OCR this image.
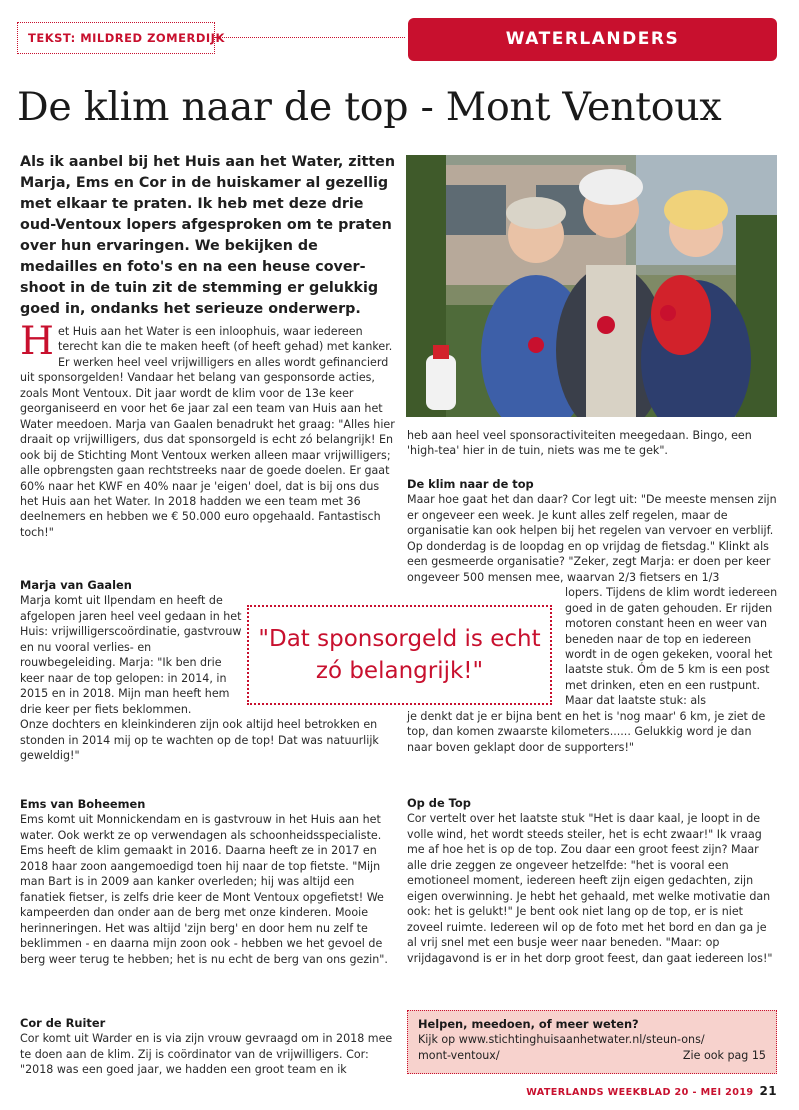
TEKST: MILDRED ZOMERDIJK	WATERLANDERS
De klim naar de top - Mont Ventoux
Als ik aanbel bij het Huis aan het Water, zitten Marja, Ems en Cor in de huiskamer al gezellig met elkaar te praten. Ik heb met deze drie oud-Ventoux lopers afgesproken om te praten over hun ervaringen. We bekijken de medailles en foto's en na een heuse cover-shoot in de tuin zit de stemming er gelukkig goed in, ondanks het serieuze onderwerp.

Het Huis aan het Water is een inloophuis, waar iedereen terecht kan die te maken heeft (of heeft gehad) met kanker. Er werken heel veel vrijwilligers en alles wordt gefinancierd uit sponsorgelden! Vandaar het belang van gesponsorde acties, zoals Mont Ventoux. Dit jaar wordt de klim voor de 13e keer georganiseerd en voor het 6e jaar zal een team van Huis aan het Water meedoen. Marja van Gaalen benadrukt het graag: "Alles hier draait op vrijwilligers, dus dat sponsorgeld is echt zó belangrijk! En ook bij de Stichting Mont Ventoux werken alleen maar vrijwilligers; alle opbrengsten gaan rechtstreeks naar de goede doelen. Er gaat 60% naar het KWF en 40% naar je 'eigen' doel, dat is bij ons dus het Huis aan het Water. In 2018 hadden we een team met 36 deelnemers en hebben we € 50.000 euro opgehaald. Fantastisch toch!"

Marja van Gaalen

Marja komt uit Ilpendam en heeft de afgelopen jaren heel veel gedaan in het Huis: vrijwilligerscoördinatie, gastvrouw en nu vooral verlies- en rouwbegeleiding. Marja: "Ik ben drie keer naar de top gelopen: in 2014, in 2015 en in 2018. Mijn man heeft hem drie keer per fiets beklommen.

Onze dochters en kleinkinderen zijn ook altijd heel betrokken en stonden in 2014 mij op te wachten op de top! Dat was natuurlijk geweldig!"

Ems van Boheemen

Ems komt uit Monnickendam en is gastvrouw in het Huis aan het water. Ook werkt ze op verwendagen als schoonheidsspecialiste. Ems heeft de klim gemaakt in 2016. Daarna heeft ze in 2017 en 2018 haar zoon aangemoedigd toen hij naar de top fietste. "Mijn man Bart is in 2009 aan kanker overleden; hij was altijd een fanatiek fietser, is zelfs drie keer de Mont Ventoux opgefietst! We kampeerden dan onder aan de berg met onze kinderen. Mooie herinneringen. Het was altijd 'zijn berg' en door hem nu zelf te beklimmen - en daarna mijn zoon ook - hebben we het gevoel de berg weer terug te hebben; het is nu echt de berg van ons gezin".

Cor de Ruiter

Cor komt uit Warder en is via zijn vrouw gevraagd om in 2018 mee te doen aan de klim. Zij is coördinator van de vrijwilligers. Cor: "2018 was een goed jaar, we hadden een groot team en ik

heb aan heel veel sponsoractiviteiten meegedaan. Bingo, een 'high-tea' hier in de tuin, niets was me te gek".

De klim naar de top

Maar hoe gaat het dan daar? Cor legt uit: "De meeste mensen zijn er ongeveer een week. Je kunt alles zelf regelen, maar de organisatie kan ook helpen bij het regelen van vervoer en verblijf. Op donderdag is de loopdag en op vrijdag de fietsdag." Klinkt als een gesmeerde organisatie? "Zeker, zegt Marja: er doen per keer ongeveer 500 mensen mee, waarvan 2/3 fietsers en 1/3

lopers. Tijdens de klim wordt iedereen goed in de gaten gehouden. Er rijden motoren constant heen en weer van beneden naar de top en iedereen wordt in de ogen gekeken, vooral het laatste stuk. Óm de 5 km is een post met drinken, eten en een rustpunt. Maar dat laatste stuk: als

je denkt dat je er bijna bent en het is 'nog maar' 6 km, je ziet de top, dan komen zwaarste kilometers...... Gelukkig word je dan naar boven geklapt door de supporters!"

Op de Top

Cor vertelt over het laatste stuk "Het is daar kaal, je loopt in de volle wind, het wordt steeds steiler, het is echt zwaar!" Ik vraag me af hoe het is op de top. Zou daar een groot feest zijn? Maar alle drie zeggen ze ongeveer hetzelfde: "het is vooral een emotioneel moment, iedereen heeft zijn eigen gedachten, zijn eigen overwinning. Je hebt het gehaald, met welke motivatie dan ook: het is gelukt!" Je bent ook niet lang op de top, er is niet zoveel ruimte. Iedereen wil op de foto met het bord en dan ga je al vrij snel met een busje weer naar beneden. "Maar: op vrijdagavond is er in het dorp groot feest, dan gaat iedereen los!"

"Dat sponsorgeld is echt zó belangrijk!"
Helpen, meedoen, of meer weten?
Kijk op www.stichtinghuisaanhetwater.nl/steun-ons/
mont-ventoux/	Zie ook pag 15
WATERLANDS WEEKBLAD 20 - MEI 2019 21
